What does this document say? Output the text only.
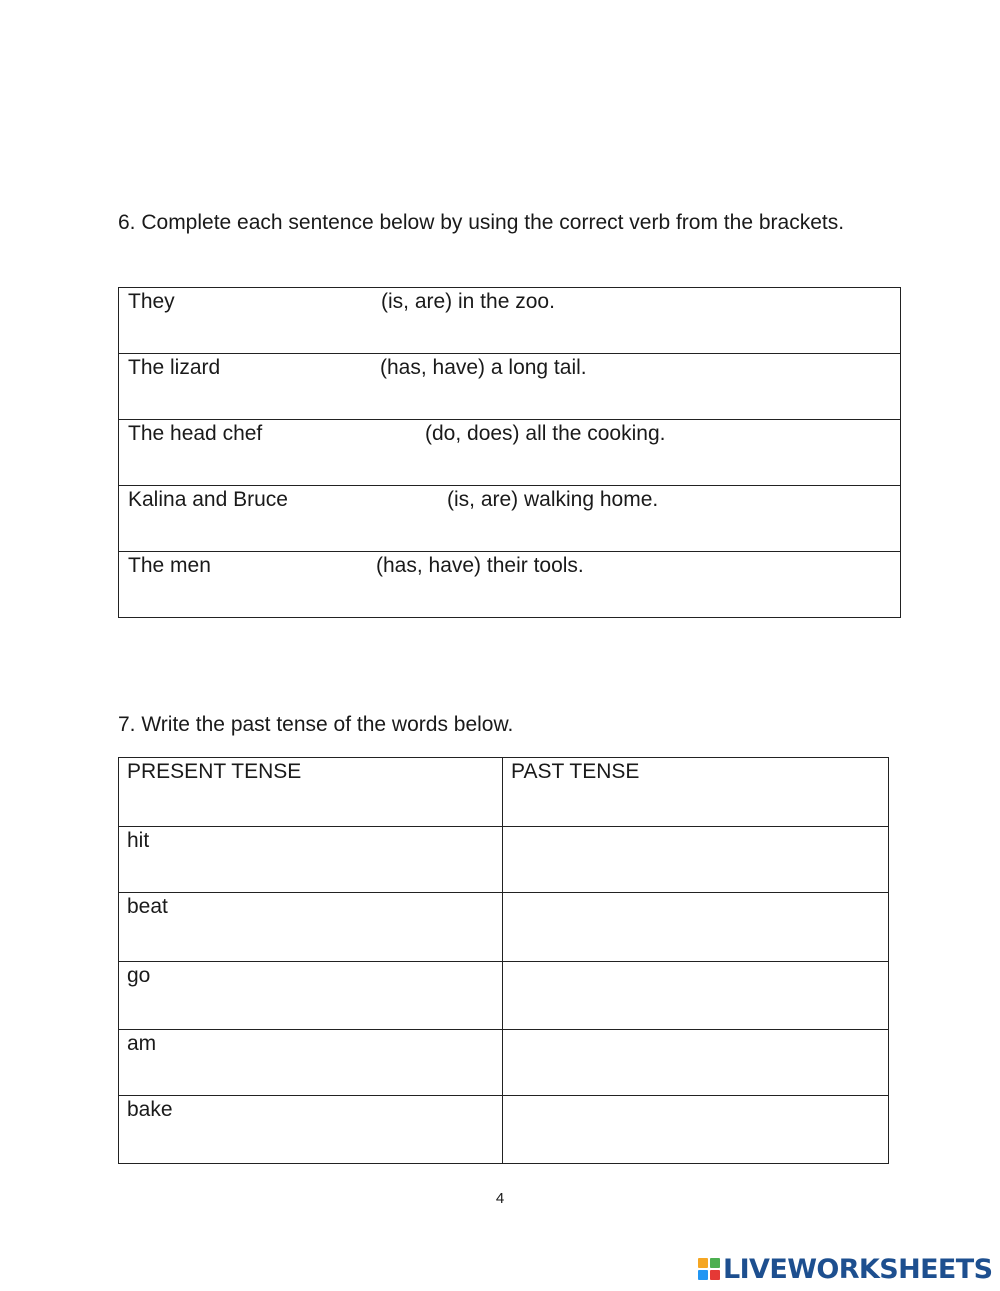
6. Complete each sentence below by using the correct verb from the brackets.
They	(is, are) in the zoo.

The lizard	(has, have) a long tail.

The head chef	(do, does) all the cooking.

Kalina and Bruce	(is, are) walking home.

The men	(has, have) their tools.
7. Write the past tense of the words below.
PRESENT TENSE	PAST TENSE

hit

beat

go

am

bake

4
LIVEWORKSHEETS
